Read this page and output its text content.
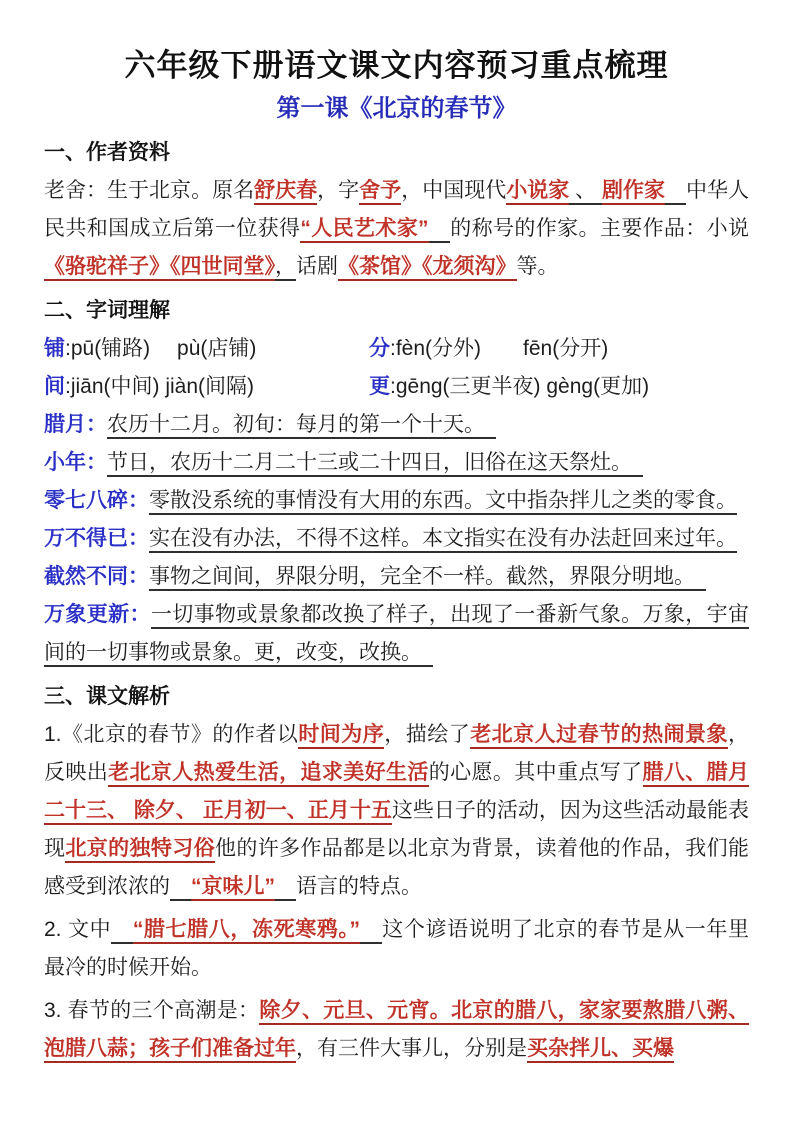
六年级下册语文课文内容预习重点梳理
第一课《北京的春节》
一、作者资料
老舍：生于北京。原名舒庆春，字舍予，中国现代小说家 、 剧作家　 中华人民共和国成立后第一位获得“人民艺术家”　 的称号的作家。主要作品：小说《骆驼祥子》《四世同堂》，话剧《茶馆》《龙须沟》等。
二、字词理解
铺:pū(铺路)　 pù(店铺)	分:fèn(分外)　　fēn(分开)
间:jiān(中间) jiàn(间隔)	更:gēng(三更半夜) gèng(更加)
腊月：农历十二月。初旬：每月的第一个十天。　
小年：节日，农历十二月二十三或二十四日，旧俗在这天祭灶。　
零七八碎：零散没系统的事情没有大用的东西。文中指杂拌儿之类的零食。
万不得已：实在没有办法，不得不这样。本文指实在没有办法赶回来过年。
截然不同：事物之间间，界限分明，完全不一样。截然，界限分明地。　
万象更新：一切事物或景象都改换了样子，出现了一番新气象。万象，宇宙间的一切事物或景象。更，改变，改换。　
三、课文解析
1.《北京的春节》的作者以时间为序，描绘了老北京人过春节的热闹景象，反映出老北京人热爱生活，追求美好生活的心愿。其中重点写了腊八、腊月二十三、 除夕、 正月初一、正月十五这些日子的活动，因为这些活动最能表现北京的独特习俗他的许多作品都是以北京为背景，读着他的作品，我们能感受到浓浓的　 “京味儿”　 语言的特点。
2. 文中　 “腊七腊八，冻死寒鸦。”　 这个谚语说明了北京的春节是从一年里最冷的时候开始。
3. 春节的三个高潮是：除夕、元旦、元宵。北京的腊八，家家要熬腊八粥、泡腊八蒜；孩子们准备过年，有三件大事儿，分别是买杂拌儿、买爆
